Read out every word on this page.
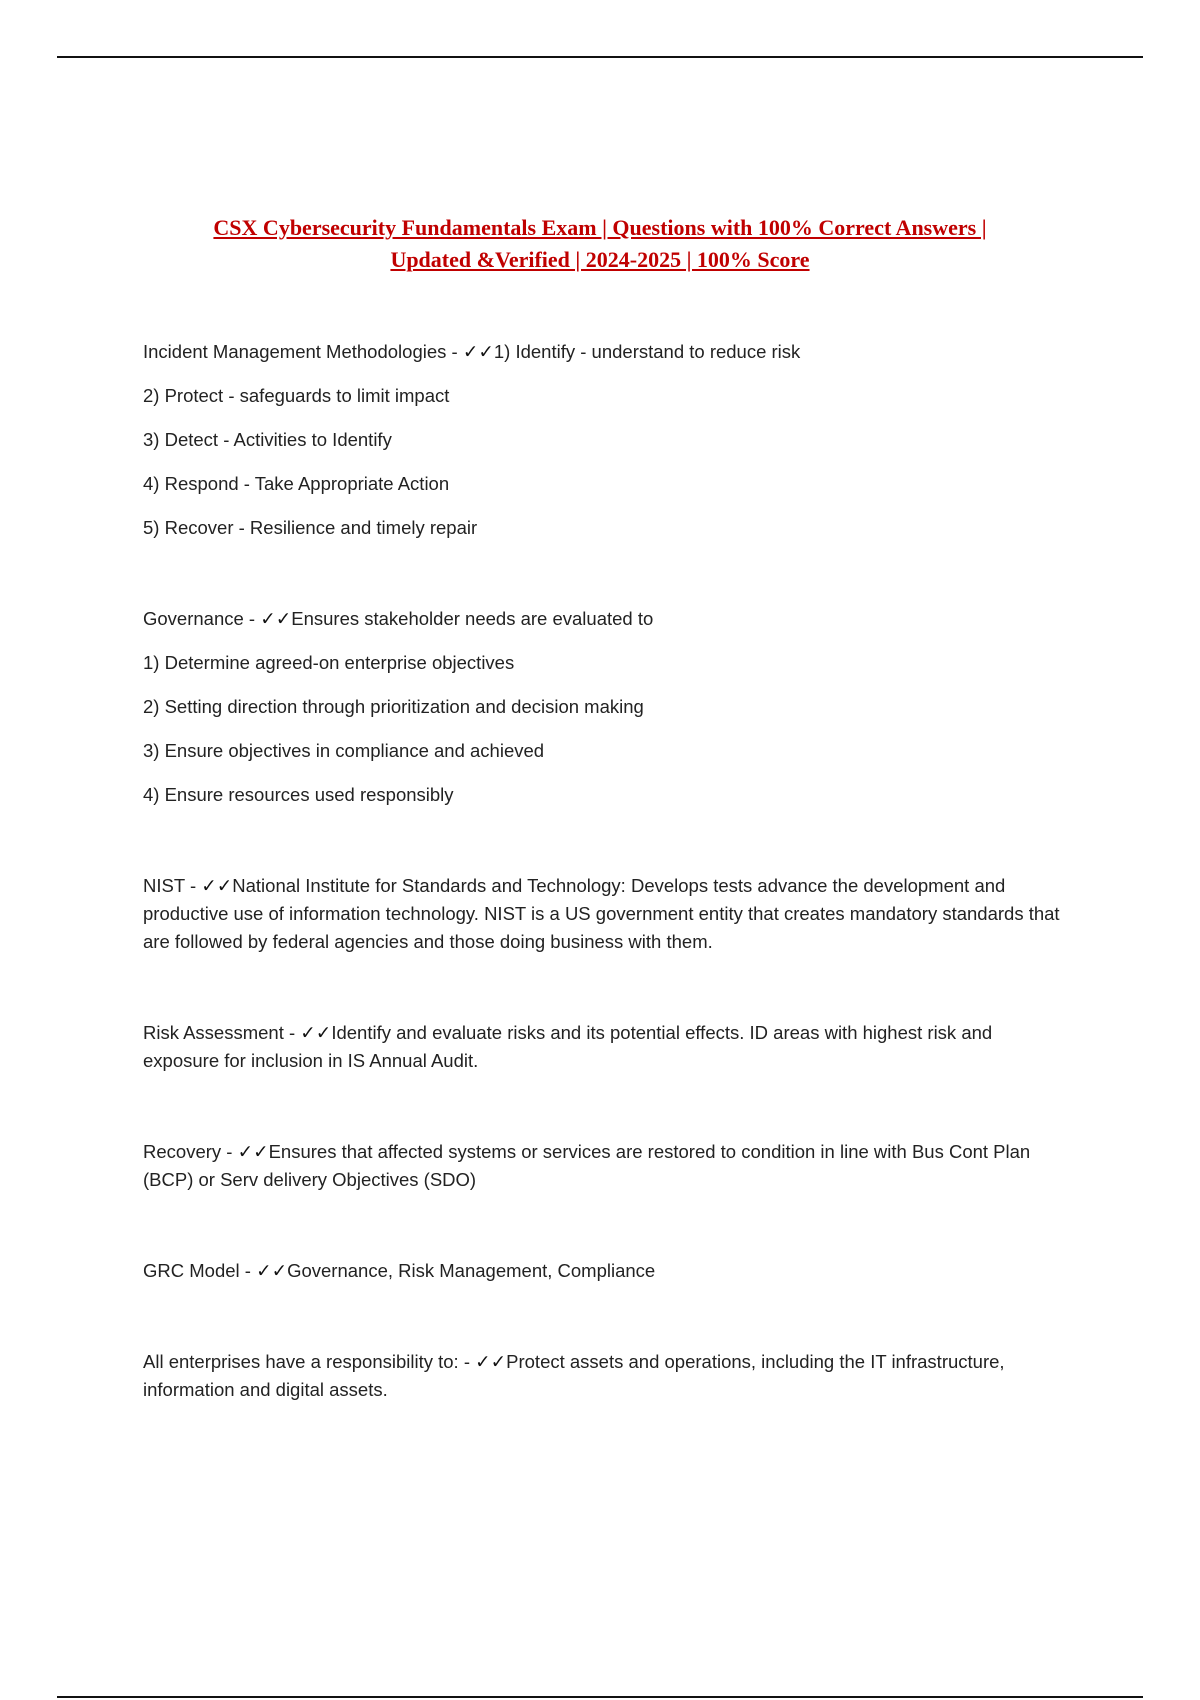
CSX Cybersecurity Fundamentals Exam | Questions with 100% Correct Answers |
Updated &Verified | 2024-2025 | 100% Score

Incident Management Methodologies - ✓✓1) Identify - understand to reduce risk

2) Protect - safeguards to limit impact

3) Detect - Activities to Identify

4) Respond - Take Appropriate Action

5) Recover - Resilience and timely repair

Governance - ✓✓Ensures stakeholder needs are evaluated to

1) Determine agreed-on enterprise objectives

2) Setting direction through prioritization and decision making

3) Ensure objectives in compliance and achieved

4) Ensure resources used responsibly

NIST - ✓✓National Institute for Standards and Technology: Develops tests advance the development and productive use of information technology. NIST is a US government entity that creates mandatory standards that are followed by federal agencies and those doing business with them.

Risk Assessment - ✓✓Identify and evaluate risks and its potential effects. ID areas with highest risk and exposure for inclusion in IS Annual Audit.

Recovery - ✓✓Ensures that affected systems or services are restored to condition in line with Bus Cont Plan (BCP) or Serv delivery Objectives (SDO)

GRC Model - ✓✓Governance, Risk Management, Compliance

All enterprises have a responsibility to: - ✓✓Protect assets and operations, including the IT infrastructure, information and digital assets.
